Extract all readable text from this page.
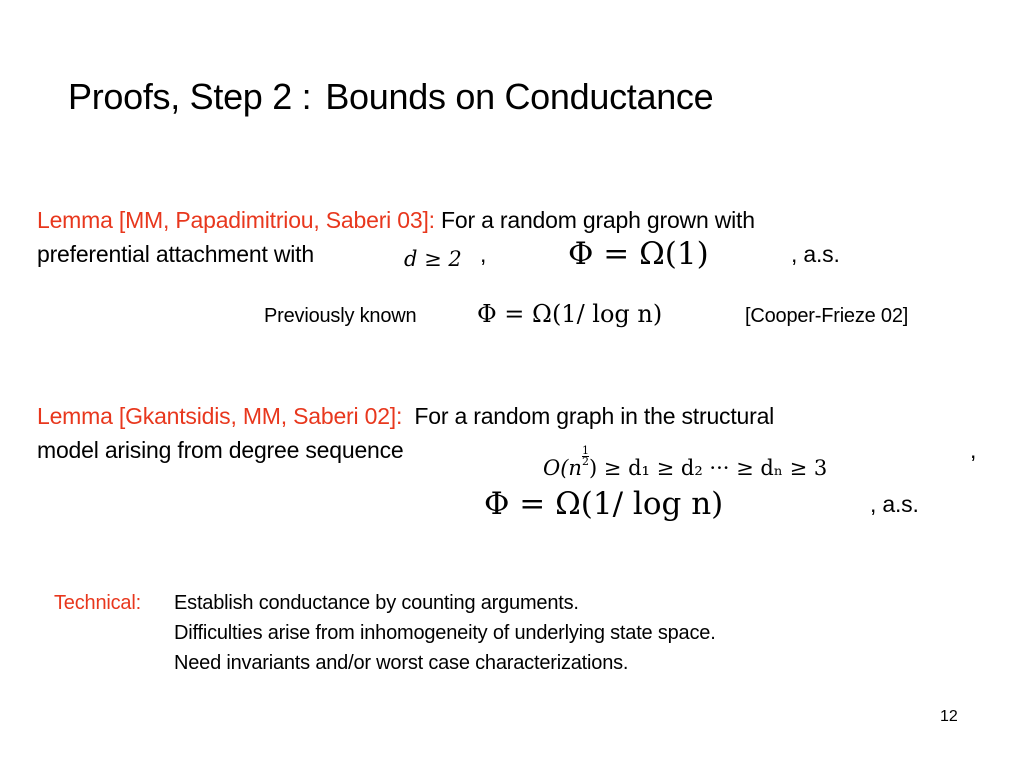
Proofs, Step 2 : Bounds on Conductance
Lemma [MM, Papadimitriou, Saberi 03]: For a random graph grown with
preferential attachment with	d ≥ 2 ,	Φ = Ω(1)	, a.s.
Previously known	Φ = Ω(1/ log n)	[Cooper-Frieze 02]
Lemma [Gkantsidis, MM, Saberi 02]: For a random graph in the structural
model arising from degree sequence
O(n $^{\frac{1}{2}}$ ) ≥ d₁ ≥ d₂ ··· ≥ dₙ ≥ 3
,
Φ = Ω(1/ log n)	, a.s.
Technical: Establish conductance by counting arguments.
Difficulties arise from inhomogeneity of underlying state space.
Need invariants and/or worst case characterizations.
12
